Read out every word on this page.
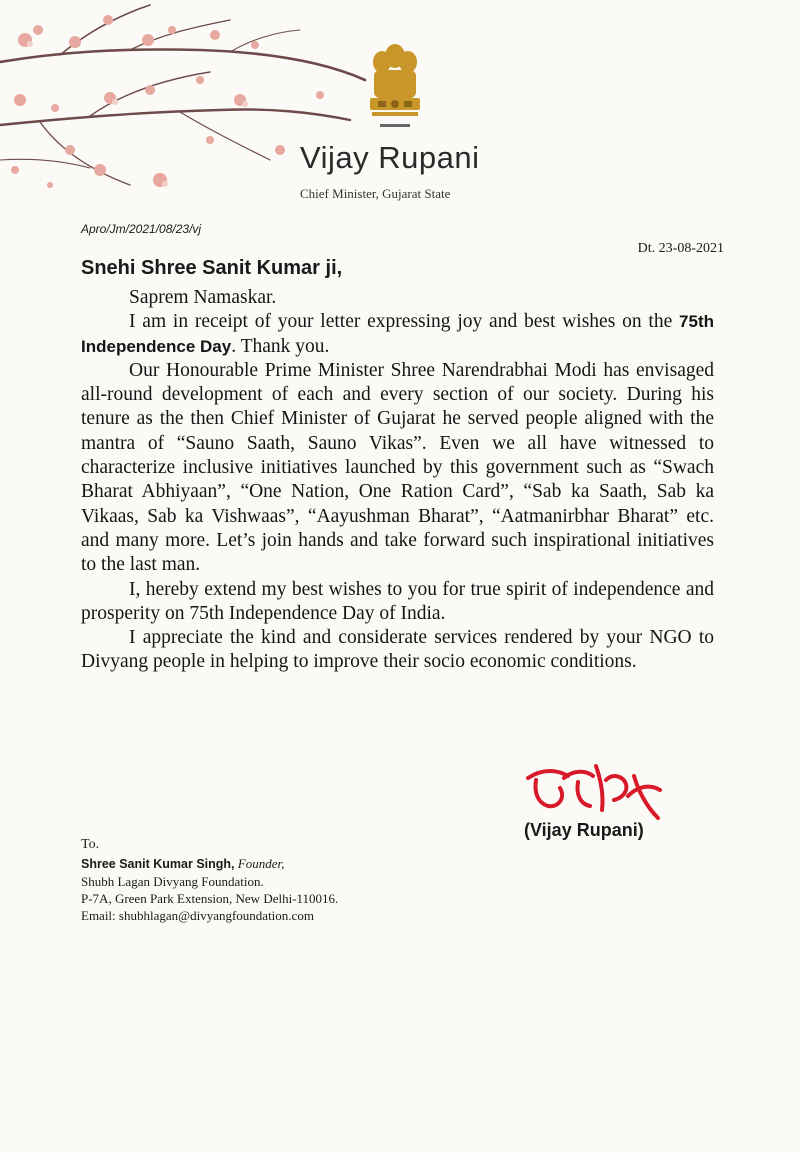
Vijay Rupani
Chief Minister, Gujarat State
Apro/Jm/2021/08/23/vj
Dt. 23-08-2021
Snehi Shree Sanit Kumar ji,

Saprem Namaskar.

I am in receipt of your letter expressing joy and best wishes on the 75th Independence Day. Thank you.

Our Honourable Prime Minister Shree Narendrabhai Modi has envisaged all-round development of each and every section of our society. During his tenure as the then Chief Minister of Gujarat he served people aligned with the mantra of “Sauno Saath, Sauno Vikas”. Even we all have witnessed to characterize inclusive initiatives launched by this government such as “Swach Bharat Abhiyaan”, “One Nation, One Ration Card”, “Sab ka Saath, Sab ka Vikaas, Sab ka Vishwaas”, “Aayushman Bharat”, “Aatmanirbhar Bharat” etc. and many more. Let’s join hands and take forward such inspirational initiatives to the last man.

I, hereby extend my best wishes to you for true spirit of independence and prosperity on 75th Independence Day of India.

I appreciate the kind and considerate services rendered by your NGO to Divyang people in helping to improve their socio economic conditions.

(Vijay Rupani)
To.
Shree Sanit Kumar Singh, Founder,
Shubh Lagan Divyang Foundation.
P-7A, Green Park Extension, New Delhi-110016.
Email: shubhlagan@divyangfoundation.com
